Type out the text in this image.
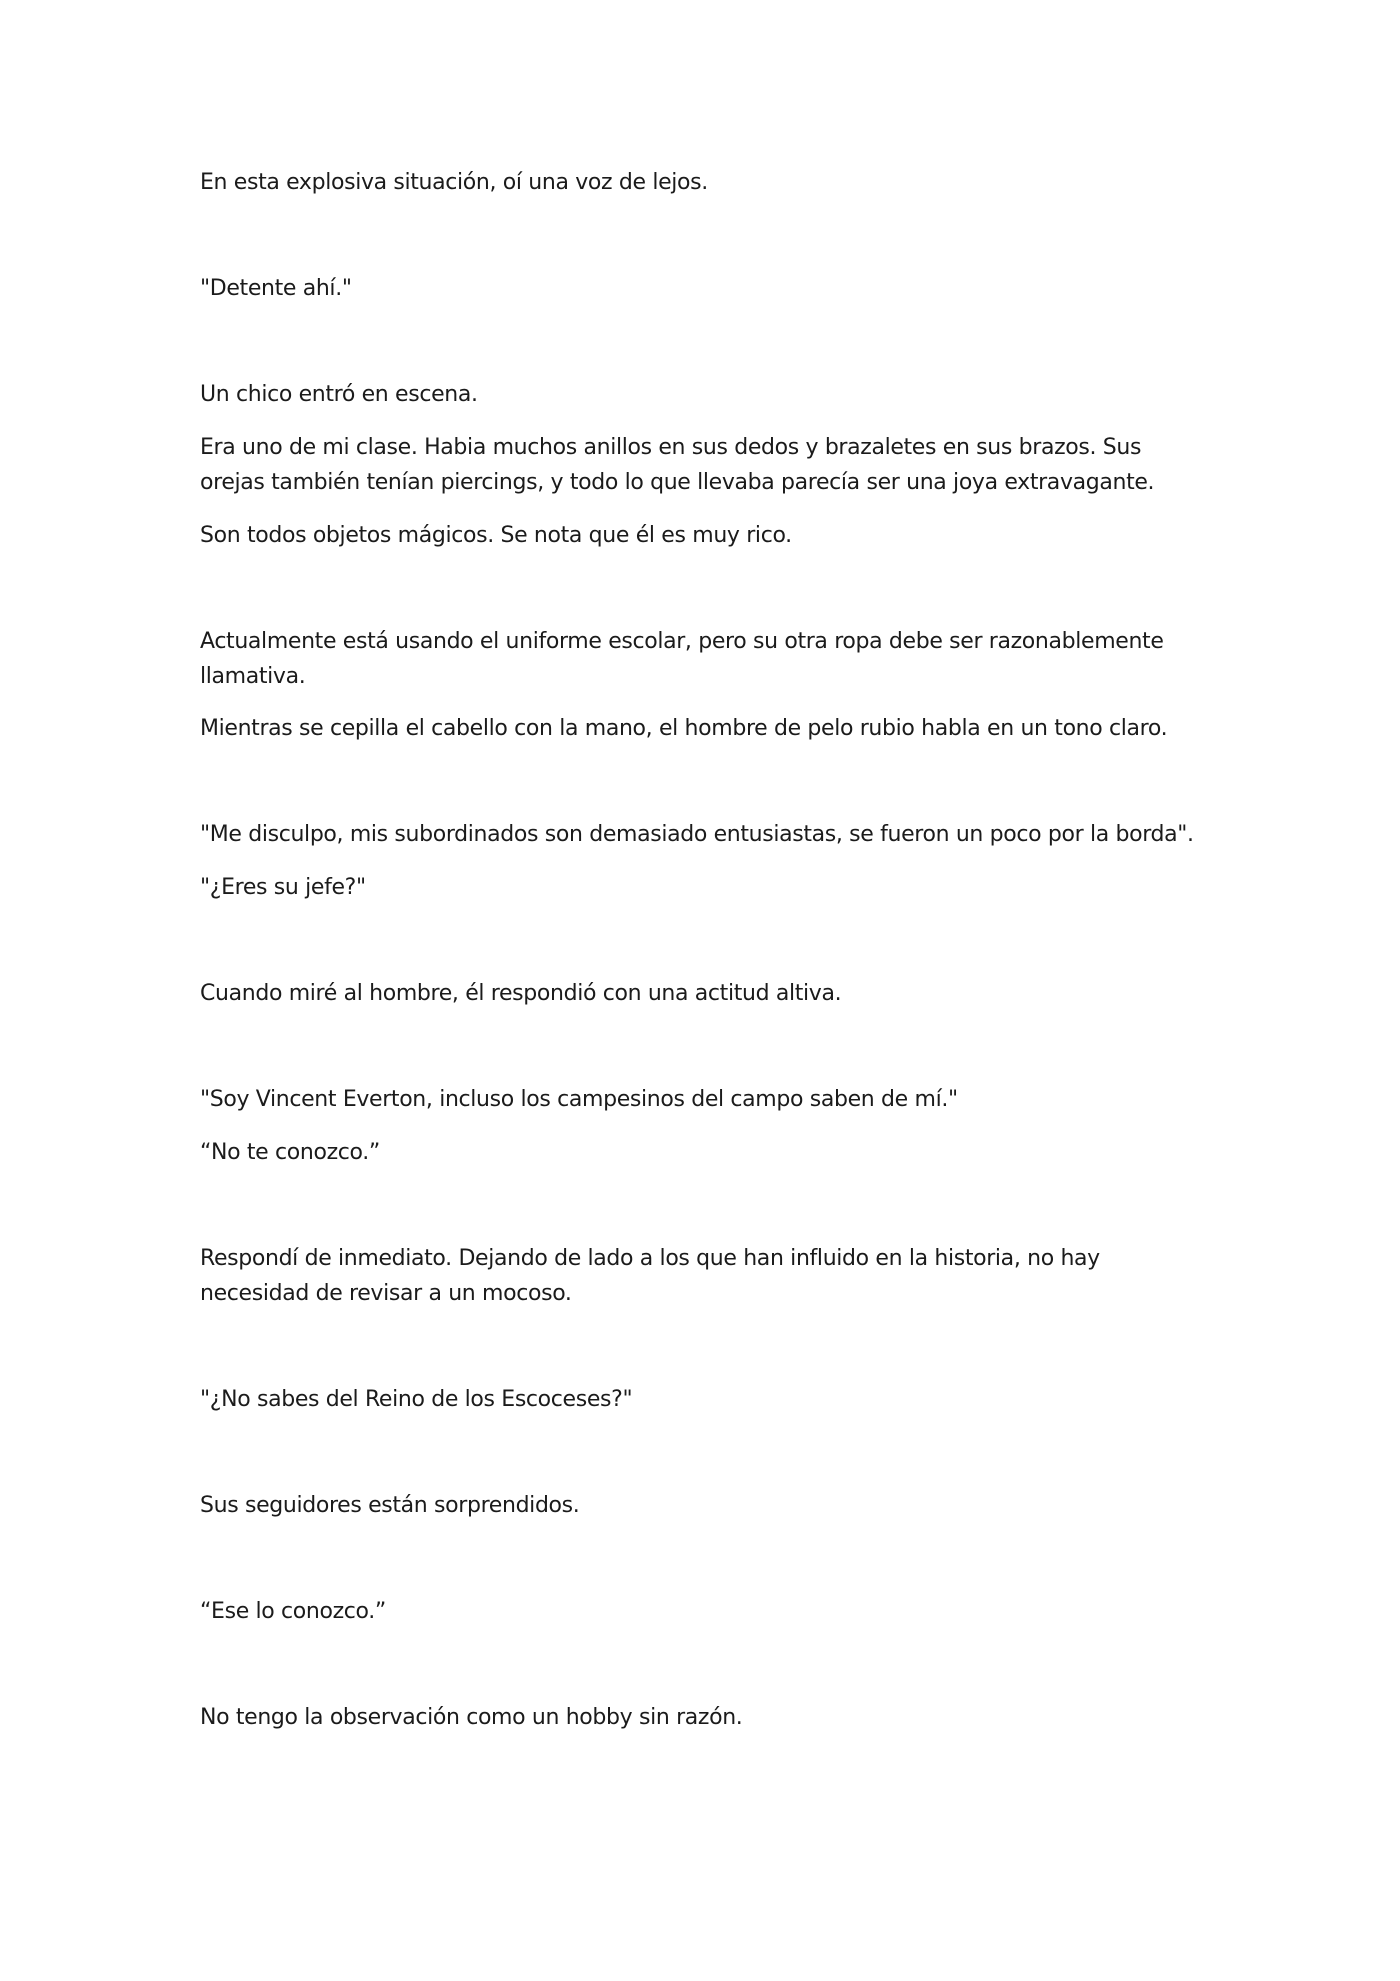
En esta explosiva situación, oí una voz de lejos.

"Detente ahí."

Un chico entró en escena.

Era uno de mi clase. Habia muchos anillos en sus dedos y brazaletes en sus brazos. Sus orejas también tenían piercings, y todo lo que llevaba parecía ser una joya extravagante.

Son todos objetos mágicos. Se nota que él es muy rico.

Actualmente está usando el uniforme escolar, pero su otra ropa debe ser razonablemente llamativa.

Mientras se cepilla el cabello con la mano, el hombre de pelo rubio habla en un tono claro.

"Me disculpo, mis subordinados son demasiado entusiastas, se fueron un poco por la borda".

"¿Eres su jefe?"

Cuando miré al hombre, él respondió con una actitud altiva.

"Soy Vincent Everton, incluso los campesinos del campo saben de mí."

“No te conozco.”

Respondí de inmediato. Dejando de lado a los que han influido en la historia, no hay necesidad de revisar a un mocoso.

"¿No sabes del Reino de los Escoceses?"

Sus seguidores están sorprendidos.

“Ese lo conozco.”

No tengo la observación como un hobby sin razón.
